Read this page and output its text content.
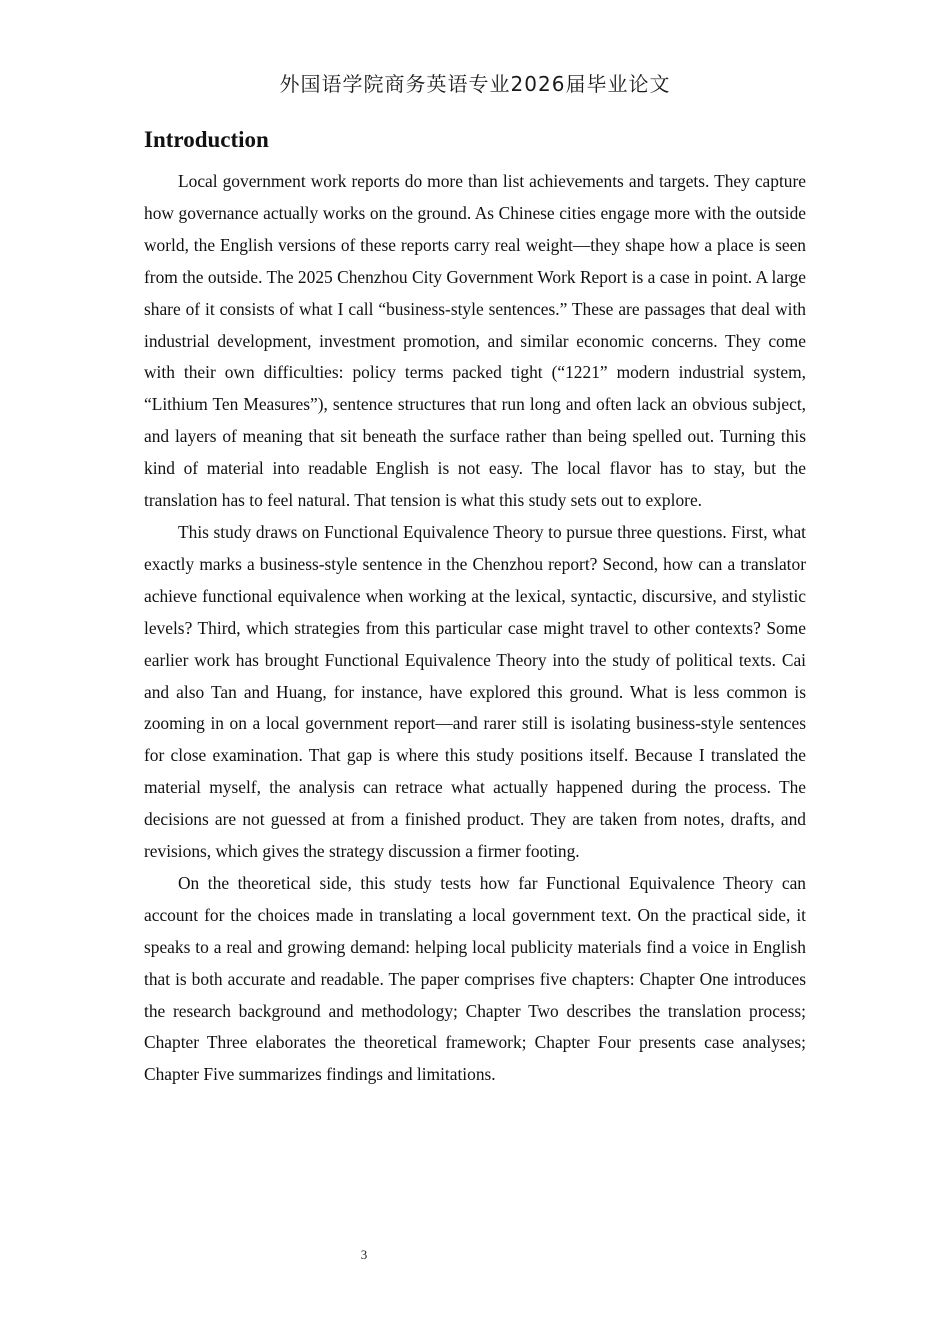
外国语学院商务英语专业2026届毕业论文
Introduction

Local government work reports do more than list achievements and targets. They capture how governance actually works on the ground. As Chinese cities engage more with the outside world, the English versions of these reports carry real weight—they shape how a place is seen from the outside. The 2025 Chenzhou City Government Work Report is a case in point. A large share of it consists of what I call “business-style sentences.” These are passages that deal with industrial development, investment promotion, and similar economic concerns. They come with their own difficulties: policy terms packed tight (“1221” modern industrial system, “Lithium Ten Measures”), sentence structures that run long and often lack an obvious subject, and layers of meaning that sit beneath the surface rather than being spelled out. Turning this kind of material into readable English is not easy. The local flavor has to stay, but the translation has to feel natural. That tension is what this study sets out to explore.

This study draws on Functional Equivalence Theory to pursue three questions. First, what exactly marks a business-style sentence in the Chenzhou report? Second, how can a translator achieve functional equivalence when working at the lexical, syntactic, discursive, and stylistic levels? Third, which strategies from this particular case might travel to other contexts? Some earlier work has brought Functional Equivalence Theory into the study of political texts. Cai and also Tan and Huang, for instance, have explored this ground. What is less common is zooming in on a local government report—and rarer still is isolating business-style sentences for close examination. That gap is where this study positions itself. Because I translated the material myself, the analysis can retrace what actually happened during the process. The decisions are not guessed at from a finished product. They are taken from notes, drafts, and revisions, which gives the strategy discussion a firmer footing.

On the theoretical side, this study tests how far Functional Equivalence Theory can account for the choices made in translating a local government text. On the practical side, it speaks to a real and growing demand: helping local publicity materials find a voice in English that is both accurate and readable. The paper comprises five chapters: Chapter One introduces the research background and methodology; Chapter Two describes the translation process; Chapter Three elaborates the theoretical framework; Chapter Four presents case analyses; Chapter Five summarizes findings and limitations.

3
